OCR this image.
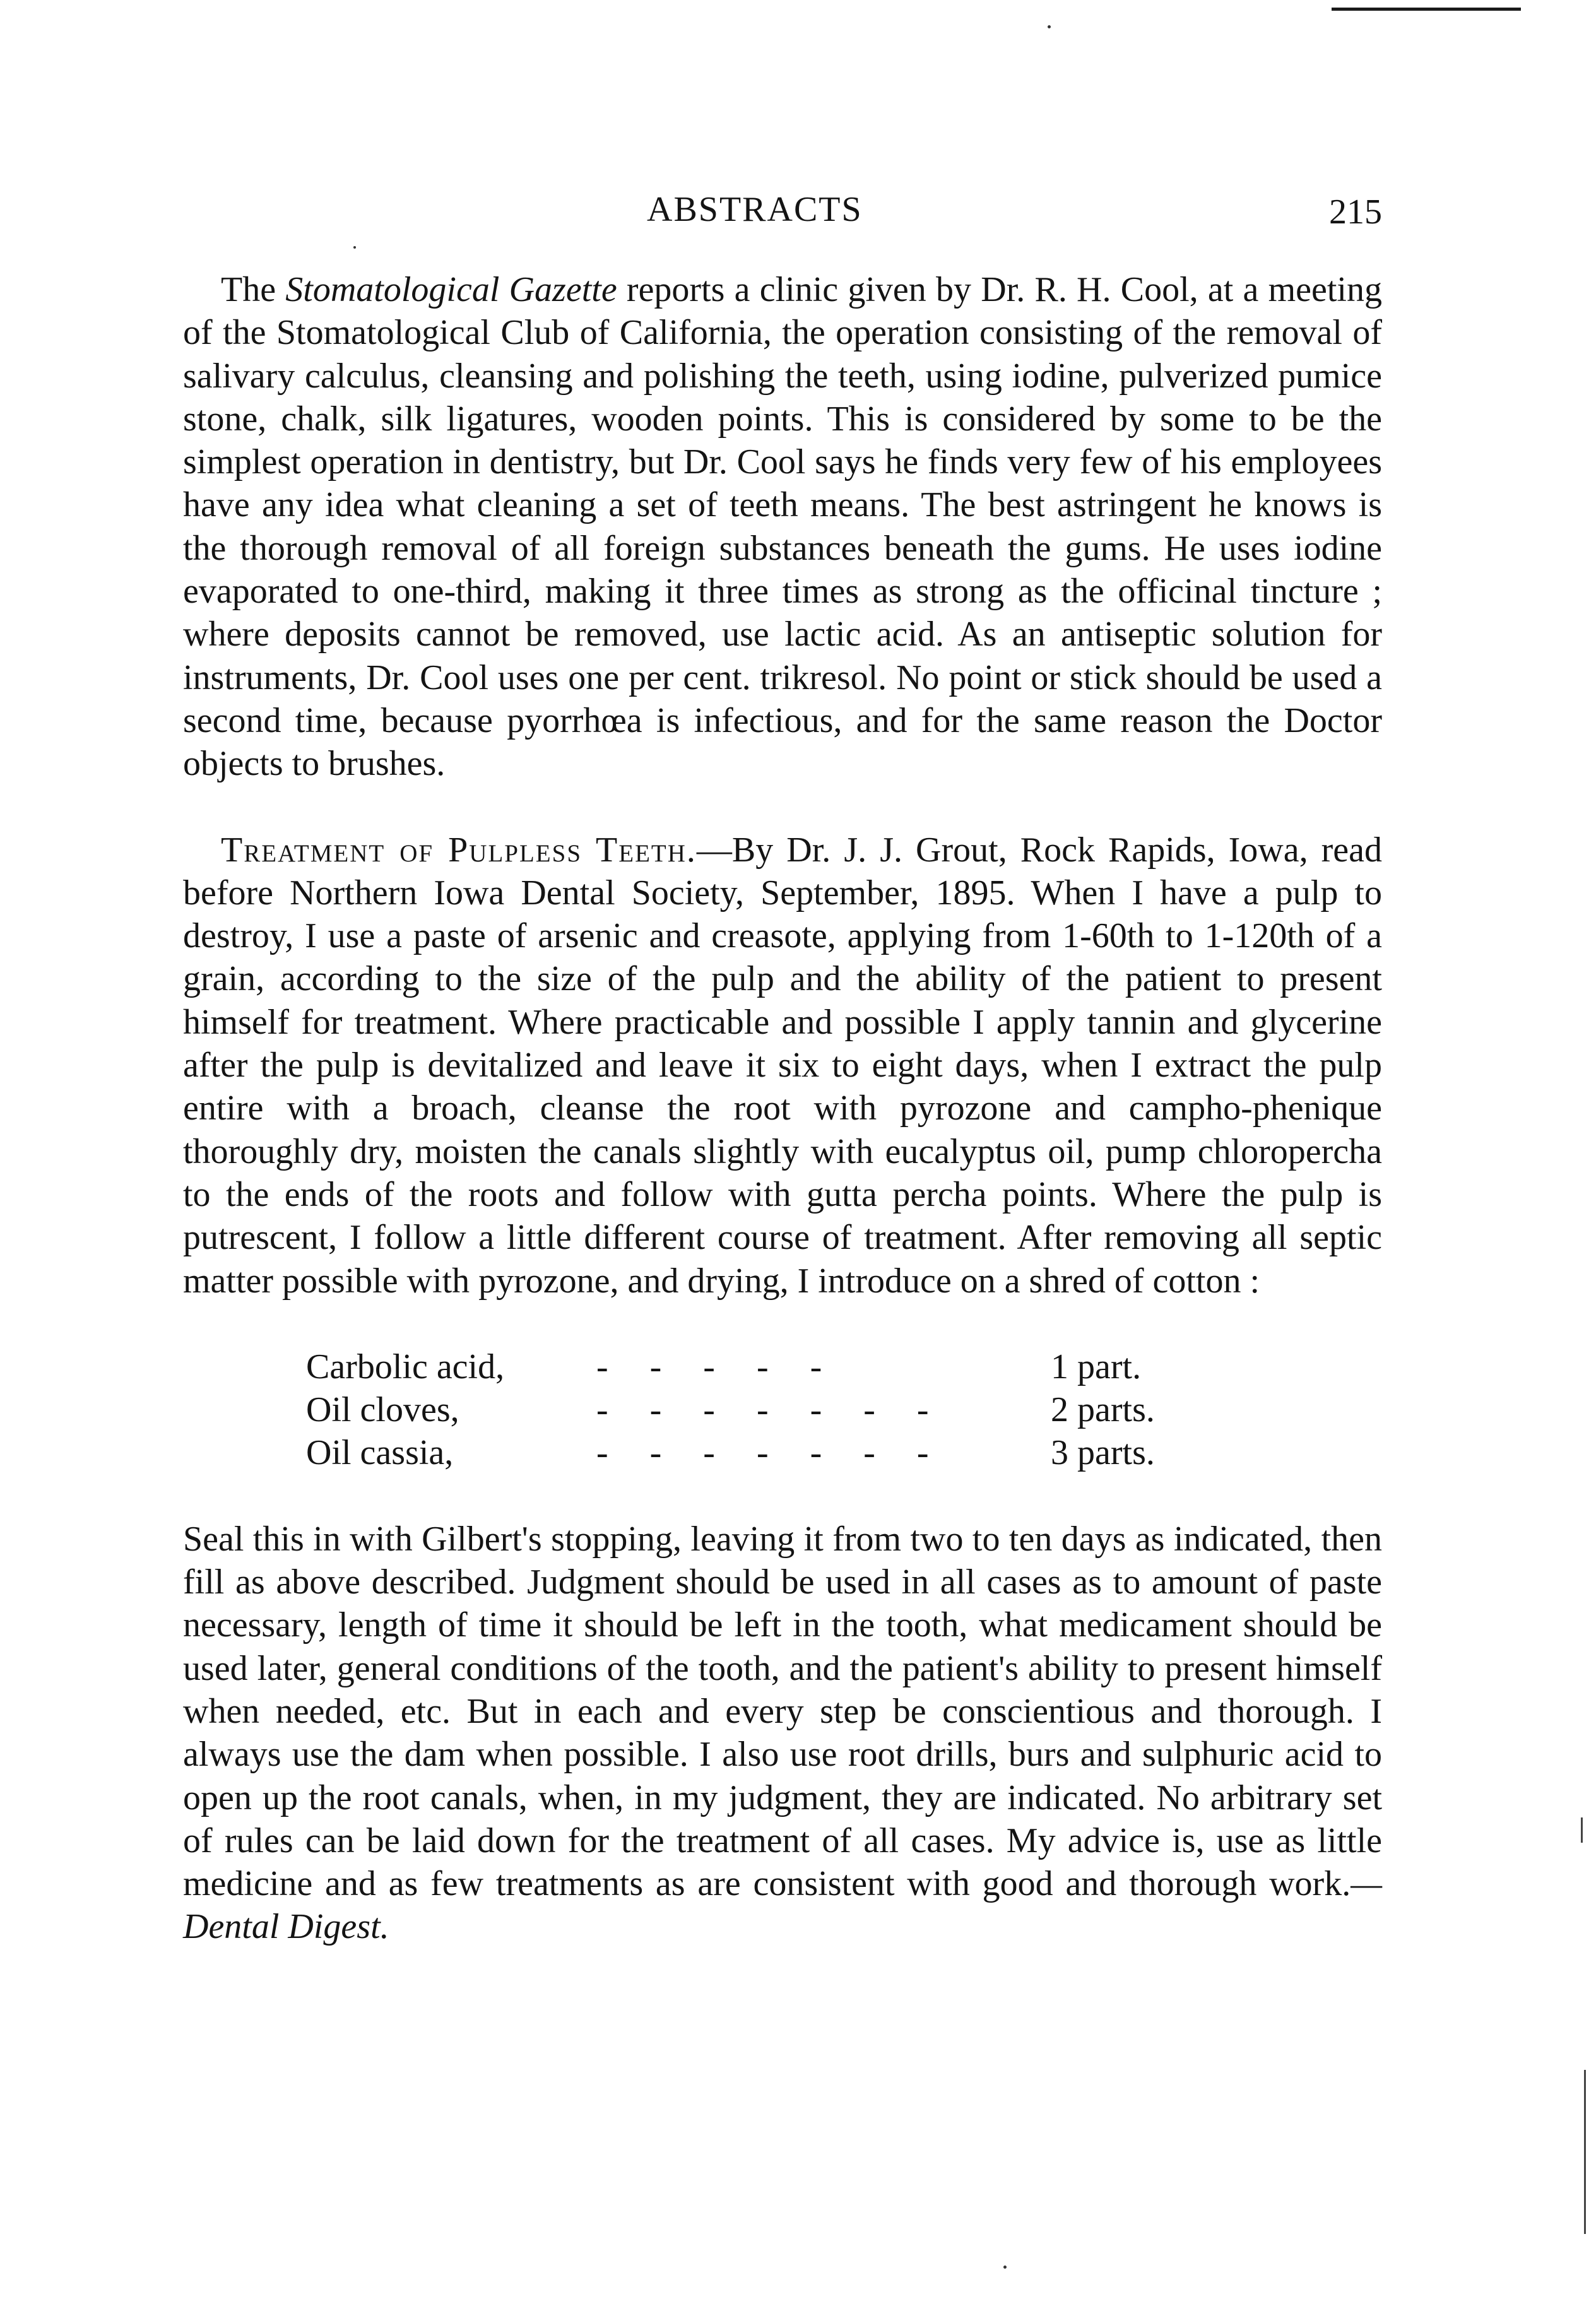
ABSTRACTS	215

The Stomatological Gazette reports a clinic given by Dr. R. H. Cool, at a meeting of the Stomatological Club of California, the operation consisting of the removal of salivary calculus, cleansing and polishing the teeth, using iodine, pulverized pumice stone, chalk, silk ligatures, wooden points. This is considered by some to be the simplest operation in dentistry, but Dr. Cool says he finds very few of his employees have any idea what cleaning a set of teeth means. The best astringent he knows is the thorough removal of all foreign substances beneath the gums. He uses iodine evaporated to one-third, making it three times as strong as the officinal tincture ; where deposits cannot be removed, use lactic acid. As an antiseptic solution for instruments, Dr. Cool uses one per cent. trikresol. No point or stick should be used a second time, because pyorrhœa is infectious, and for the same reason the Doctor objects to brushes.

Treatment of Pulpless Teeth.—By Dr. J. J. Grout, Rock Rapids, Iowa, read before Northern Iowa Dental Society, September, 1895. When I have a pulp to destroy, I use a paste of arsenic and creasote, applying from 1-60th to 1-120th of a grain, according to the size of the pulp and the ability of the patient to present himself for treatment. Where practicable and possible I apply tannin and glycerine after the pulp is devitalized and leave it six to eight days, when I extract the pulp entire with a broach, cleanse the root with pyrozone and campho-phenique thoroughly dry, moisten the canals slightly with eucalyptus oil, pump chloropercha to the ends of the roots and follow with gutta percha points. Where the pulp is putrescent, I follow a little different course of treatment. After removing all septic matter possible with pyrozone, and drying, I introduce on a shred of cotton :

Carbolic acid,	- - - - -	1 part.
Oil cloves,	- - - - - - -	2 parts.
Oil cassia,	- - - - - - -	3 parts.

Seal this in with Gilbert's stopping, leaving it from two to ten days as indicated, then fill as above described. Judgment should be used in all cases as to amount of paste necessary, length of time it should be left in the tooth, what medicament should be used later, general conditions of the tooth, and the patient's ability to present himself when needed, etc. But in each and every step be conscientious and thorough. I always use the dam when possible. I also use root drills, burs and sulphuric acid to open up the root canals, when, in my judgment, they are indicated. No arbitrary set of rules can be laid down for the treatment of all cases. My advice is, use as little medicine and as few treatments as are consistent with good and thorough work.—Dental Digest.
